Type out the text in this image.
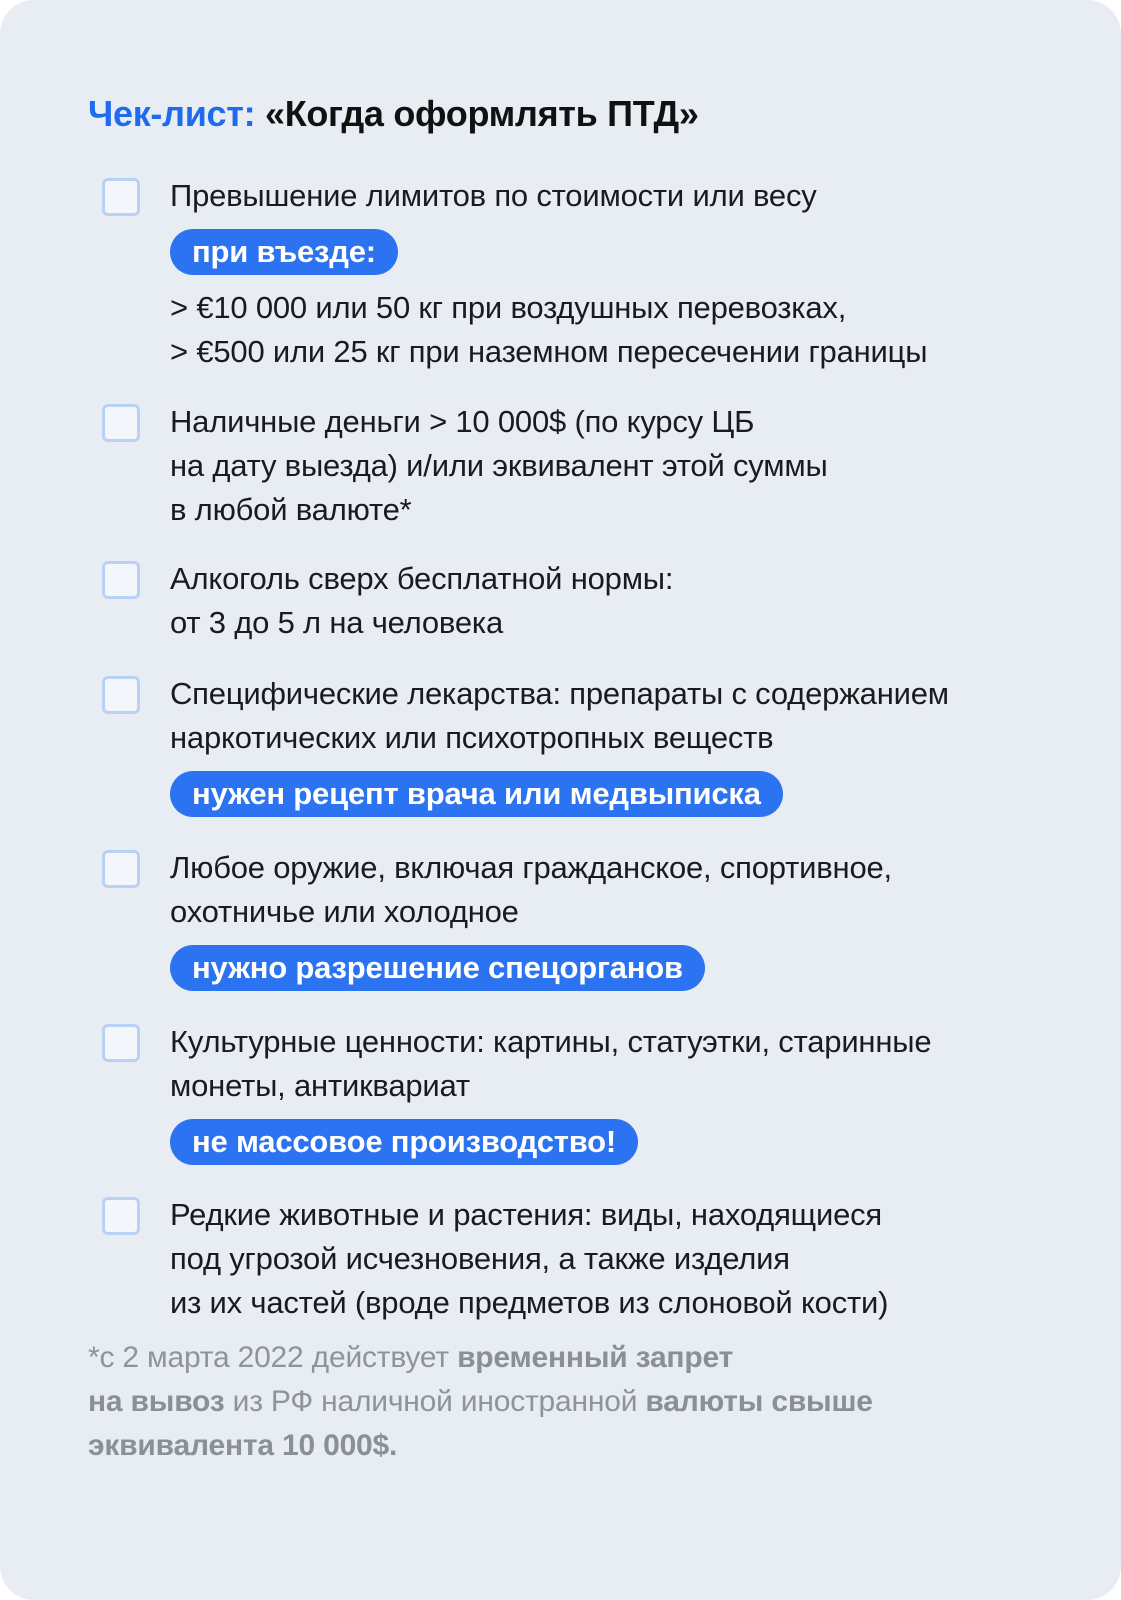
Чек-лист: «Когда оформлять ПТД»
Превышение лимитов по стоимости или весу
при въезде:
> €10 000 или 50 кг при воздушных перевозках,
> €500 или 25 кг при наземном пересечении границы
Наличные деньги > 10 000$ (по курсу ЦБ
на дату выезда) и/или эквивалент этой суммы
в любой валюте*
Алкоголь сверх бесплатной нормы:
от 3 до 5 л на человека
Специфические лекарства: препараты с содержанием
наркотических или психотропных веществ
нужен рецепт врача или медвыписка
Любое оружие, включая гражданское, спортивное,
охотничье или холодное
нужно разрешение спецорганов
Культурные ценности: картины, статуэтки, старинные
монеты, антиквариат
не массовое производство!
Редкие животные и растения: виды, находящиеся
под угрозой исчезновения, а также изделия
из их частей (вроде предметов из слоновой кости)
*с 2 марта 2022 действует временный запрет
на вывоз из РФ наличной иностранной валюты свыше
эквивалента 10 000$.
